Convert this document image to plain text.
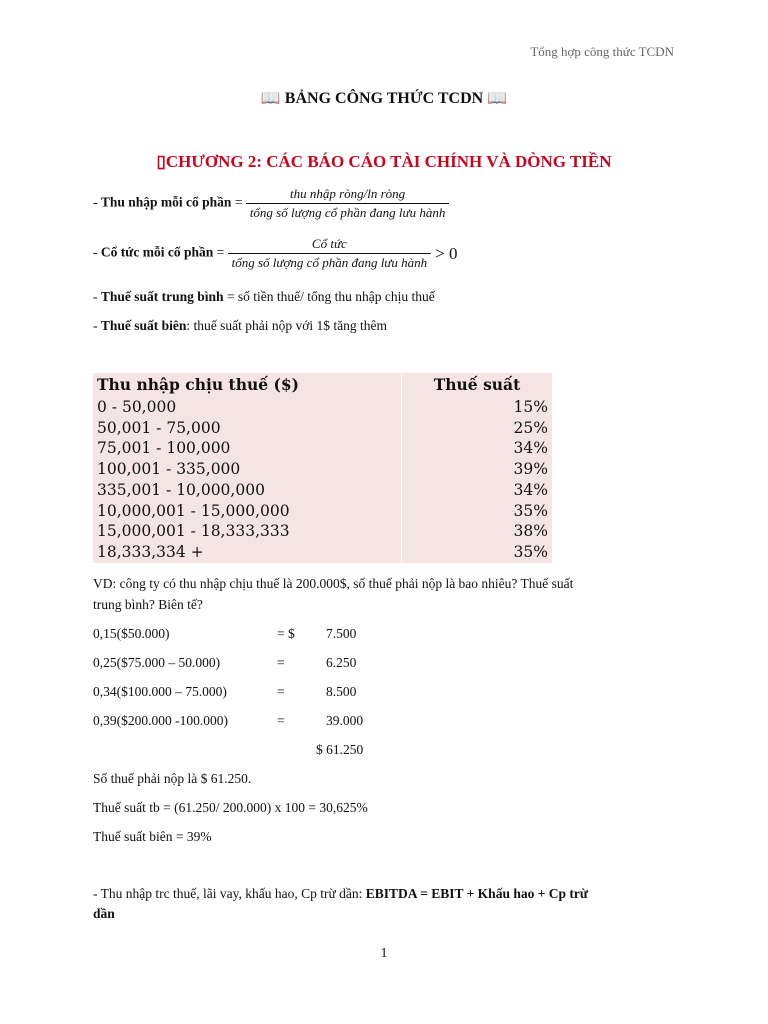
Tổng hợp công thức TCDN
📖 BẢNG CÔNG THỨC TCDN 📖
▯CHƯƠNG 2: CÁC BÁO CÁO TÀI CHÍNH VÀ DÒNG TIỀN
- Thu nhập mỗi cổ phần = $\frac{\text{thu nhập ròng/ln ròng}}{\text{tổng số lượng cổ phần đang lưu hành}}$
- Cổ tức mỗi cổ phần = $\frac{\text{Cổ tức}}{\text{tổng số lượng cổ phần đang lưu hành}} > 0$
- Thuế suất trung bình = số tiền thuế/ tổng thu nhập chịu thuế
- Thuế suất biên: thuế suất phải nộp với 1$ tăng thêm
Thu nhập chịu thuế ($)	Thuế suất
0 - 50,000	15%
50,001 - 75,000	25%
75,001 - 100,000	34%
100,001 - 335,000	39%
335,001 - 10,000,000	34%
10,000,001 - 15,000,000	35%
15,000,001 - 18,333,333	38%
18,333,334 +	35%
VD: công ty có thu nhập chịu thuế là 200.000$, số thuế phải nộp là bao nhiêu? Thuế suất
trung bình? Biên tế?
0,15($50.000)	= $ 7.500
0,25($75.000 – 50.000)	=	6.250
0,34($100.000 – 75.000)	=	8.500
0,39($200.000 -100.000)	=	39.000
$ 61.250
Số thuế phải nộp là $ 61.250.
Thuế suất tb = (61.250/ 200.000) x 100 = 30,625%
Thuế suất biên = 39%
- Thu nhập trc thuế, lãi vay, khấu hao, Cp trừ dần: EBITDA = EBIT + Khấu hao + Cp trừ
dần
1
